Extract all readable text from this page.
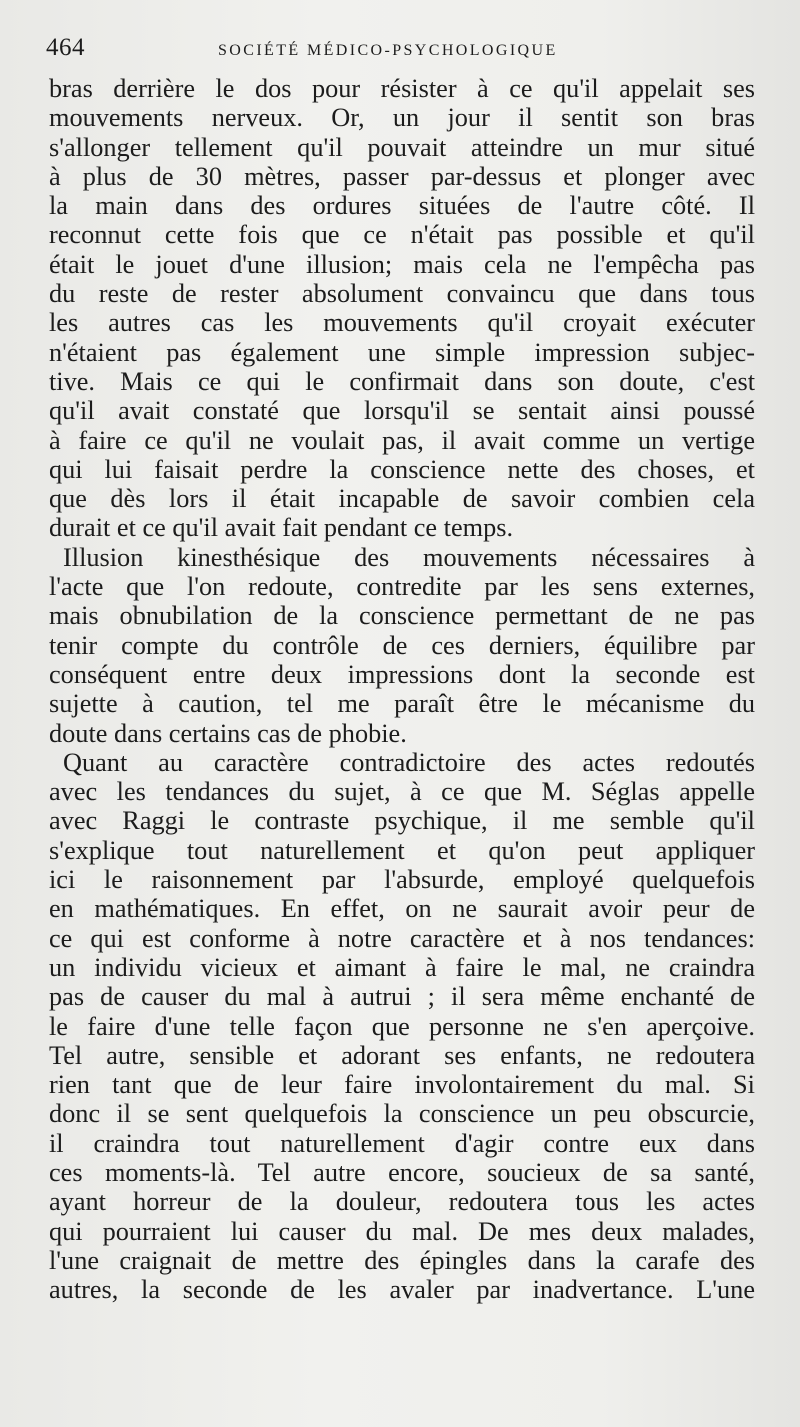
464	SOCIÉTÉ MÉDICO-PSYCHOLOGIQUE
bras derrière le dos pour résister à ce qu'il appelait ses
mouvements nerveux. Or, un jour il sentit son bras
s'allonger tellement qu'il pouvait atteindre un mur situé
à plus de 30 mètres, passer par-dessus et plonger avec
la main dans des ordures situées de l'autre côté. Il
reconnut cette fois que ce n'était pas possible et qu'il
était le jouet d'une illusion; mais cela ne l'empêcha pas
du reste de rester absolument convaincu que dans tous
les autres cas les mouvements qu'il croyait exécuter
n'étaient pas également une simple impression subjec-
tive. Mais ce qui le confirmait dans son doute, c'est
qu'il avait constaté que lorsqu'il se sentait ainsi poussé
à faire ce qu'il ne voulait pas, il avait comme un vertige
qui lui faisait perdre la conscience nette des choses, et
que dès lors il était incapable de savoir combien cela
durait et ce qu'il avait fait pendant ce temps.
Illusion kinesthésique des mouvements nécessaires à
l'acte que l'on redoute, contredite par les sens externes,
mais obnubilation de la conscience permettant de ne pas
tenir compte du contrôle de ces derniers, équilibre par
conséquent entre deux impressions dont la seconde est
sujette à caution, tel me paraît être le mécanisme du
doute dans certains cas de phobie.
Quant au caractère contradictoire des actes redoutés
avec les tendances du sujet, à ce que M. Séglas appelle
avec Raggi le contraste psychique, il me semble qu'il
s'explique tout naturellement et qu'on peut appliquer
ici le raisonnement par l'absurde, employé quelquefois
en mathématiques. En effet, on ne saurait avoir peur de
ce qui est conforme à notre caractère et à nos tendances:
un individu vicieux et aimant à faire le mal, ne craindra
pas de causer du mal à autrui ; il sera même enchanté de
le faire d'une telle façon que personne ne s'en aperçoive.
Tel autre, sensible et adorant ses enfants, ne redoutera
rien tant que de leur faire involontairement du mal. Si
donc il se sent quelquefois la conscience un peu obscurcie,
il craindra tout naturellement d'agir contre eux dans
ces moments-là. Tel autre encore, soucieux de sa santé,
ayant horreur de la douleur, redoutera tous les actes
qui pourraient lui causer du mal. De mes deux malades,
l'une craignait de mettre des épingles dans la carafe des
autres, la seconde de les avaler par inadvertance. L'une
